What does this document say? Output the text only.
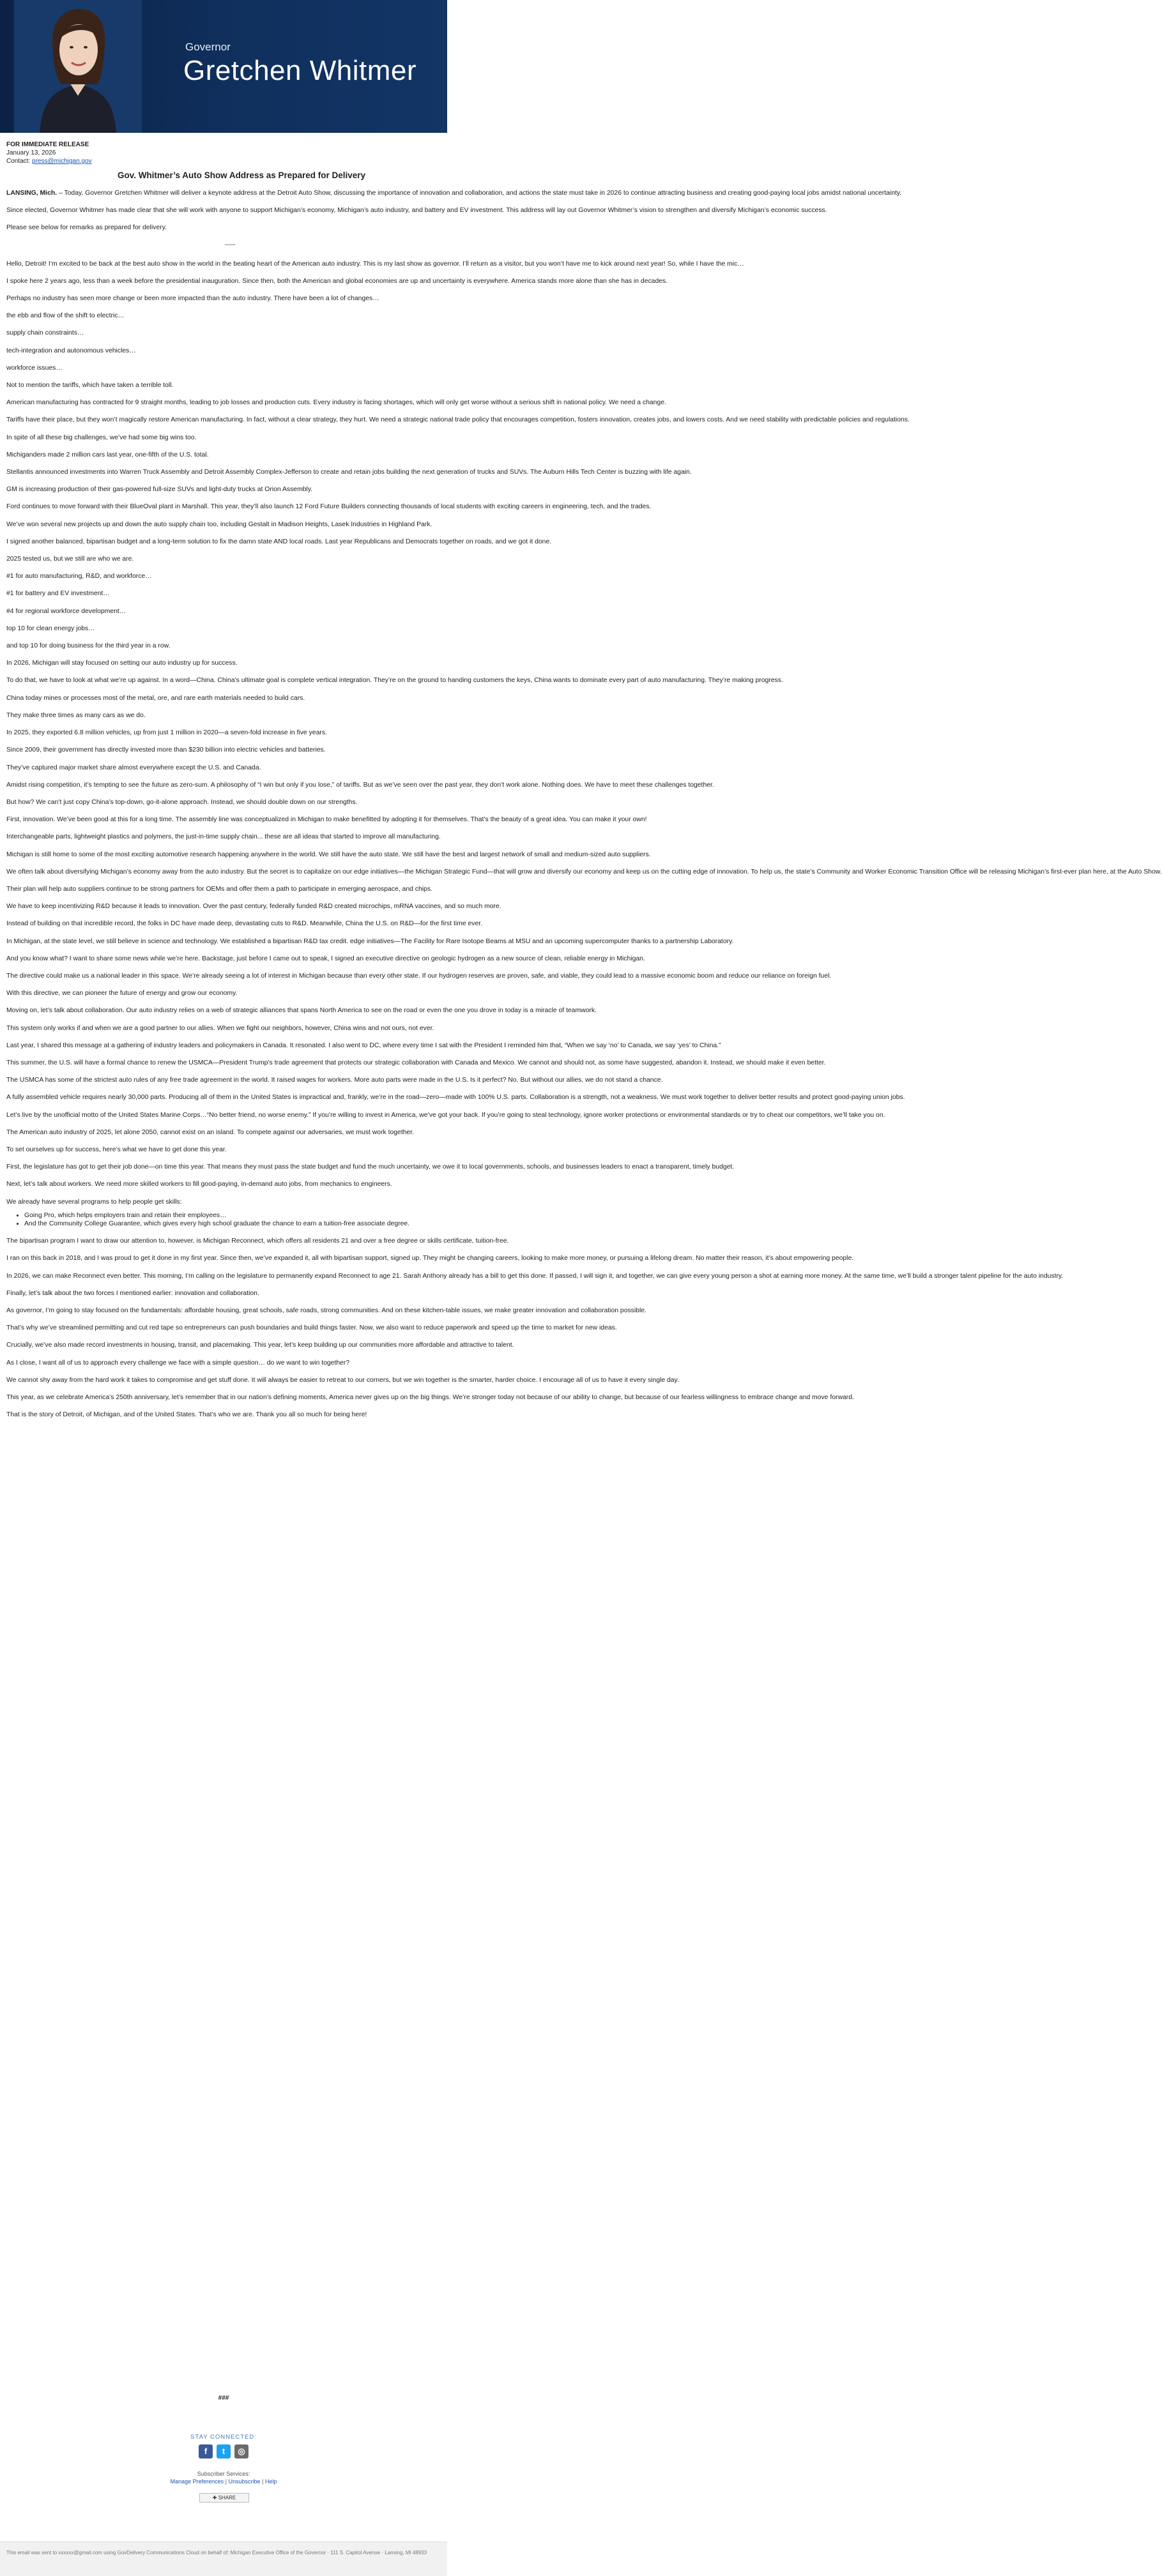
Governor
Gretchen Whitmer
FOR IMMEDIATE RELEASE
January 13, 2026
Contact: press@michigan.gov
Gov. Whitmer’s Auto Show Address as Prepared for Delivery

LANSING, Mich. – Today, Governor Gretchen Whitmer will deliver a keynote address at the Detroit Auto Show, discussing the importance of innovation and collaboration, and actions the state must take in 2026 to continue attracting business and creating good-paying local jobs amidst national uncertainty.

Since elected, Governor Whitmer has made clear that she will work with anyone to support Michigan’s economy, Michigan’s auto industry, and battery and EV investment. This address will lay out Governor Whitmer’s vision to strengthen and diversify Michigan’s economic success.

Please see below for remarks as prepared for delivery.

-----

Hello, Detroit! I’m excited to be back at the best auto show in the world in the beating heart of the American auto industry. This is my last show as governor. I’ll return as a visitor, but you won’t have me to kick around next year! So, while I have the mic…

I spoke here 2 years ago, less than a week before the presidential inauguration. Since then, both the American and global economies are up and uncertainty is everywhere. America stands more alone than she has in decades.

Perhaps no industry has seen more change or been more impacted than the auto industry. There have been a lot of changes…

the ebb and flow of the shift to electric…

supply chain constraints…

tech-integration and autonomous vehicles…

workforce issues…

Not to mention the tariffs, which have taken a terrible toll.

American manufacturing has contracted for 9 straight months, leading to job losses and production cuts. Every industry is facing shortages, which will only get worse without a serious shift in national policy. We need a change.

Tariffs have their place, but they won’t magically restore American manufacturing. In fact, without a clear strategy, they hurt. We need a strategic national trade policy that encourages competition, fosters innovation, creates jobs, and lowers costs. And we need stability with predictable policies and regulations.

In spite of all these big challenges, we’ve had some big wins too.

Michiganders made 2 million cars last year, one-fifth of the U.S. total.

Stellantis announced investments into Warren Truck Assembly and Detroit Assembly Complex-Jefferson to create and retain jobs building the next generation of trucks and SUVs. The Auburn Hills Tech Center is buzzing with life again.

GM is increasing production of their gas-powered full-size SUVs and light-duty trucks at Orion Assembly.

Ford continues to move forward with their BlueOval plant in Marshall. This year, they’ll also launch 12 Ford Future Builders connecting thousands of local students with exciting careers in engineering, tech, and the trades.

We’ve won several new projects up and down the auto supply chain too, including Gestalt in Madison Heights, Lasek Industries in Highland Park.

I signed another balanced, bipartisan budget and a long-term solution to fix the damn state AND local roads. Last year Republicans and Democrats together on roads, and we got it done.

2025 tested us, but we still are who we are.

#1 for auto manufacturing, R&D, and workforce…

#1 for battery and EV investment…

#4 for regional workforce development…

top 10 for clean energy jobs…

and top 10 for doing business for the third year in a row.

In 2026, Michigan will stay focused on setting our auto industry up for success.

To do that, we have to look at what we’re up against. In a word—China. China’s ultimate goal is complete vertical integration. They’re on the ground to handing customers the keys, China wants to dominate every part of auto manufacturing. They’re making progress.

China today mines or processes most of the metal, ore, and rare earth materials needed to build cars.

They make three times as many cars as we do.

In 2025, they exported 6.8 million vehicles, up from just 1 million in 2020—a seven-fold increase in five years.

Since 2009, their government has directly invested more than $230 billion into electric vehicles and batteries.

They’ve captured major market share almost everywhere except the U.S. and Canada.

Amidst rising competition, it’s tempting to see the future as zero-sum. A philosophy of “I win but only if you lose,” of tariffs. But as we’ve seen over the past year, they don’t work alone. Nothing does. We have to meet these challenges together.

But how? We can’t just copy China’s top-down, go-it-alone approach. Instead, we should double down on our strengths.

First, innovation. We’ve been good at this for a long time. The assembly line was conceptualized in Michigan to make benefitted by adopting it for themselves. That’s the beauty of a great idea. You can make it your own!

Interchangeable parts, lightweight plastics and polymers, the just-in-time supply chain... these are all ideas that started to improve all manufacturing.

Michigan is still home to some of the most exciting automotive research happening anywhere in the world. We still have the auto state. We still have the best and largest network of small and medium-sized auto suppliers.

We often talk about diversifying Michigan’s economy away from the auto industry. But the secret is to capitalize on our edge initiatives—the Michigan Strategic Fund—that will grow and diversify our economy and keep us on the cutting edge of innovation. To help us, the state’s Community and Worker Economic Transition Office will be releasing Michigan’s first-ever plan here, at the Auto Show.

Their plan will help auto suppliers continue to be strong partners for OEMs and offer them a path to participate in emerging aerospace, and chips.

We have to keep incentivizing R&D because it leads to innovation. Over the past century, federally funded R&D created microchips, mRNA vaccines, and so much more.

Instead of building on that incredible record, the folks in DC have made deep, devastating cuts to R&D. Meanwhile, China the U.S. on R&D—for the first time ever.

In Michigan, at the state level, we still believe in science and technology. We established a bipartisan R&D tax credit. edge initiatives—The Facility for Rare Isotope Beams at MSU and an upcoming supercomputer thanks to a partnership Laboratory.

And you know what? I want to share some news while we’re here. Backstage, just before I came out to speak, I signed an executive directive on geologic hydrogen as a new source of clean, reliable energy in Michigan.

The directive could make us a national leader in this space. We’re already seeing a lot of interest in Michigan because than every other state. If our hydrogen reserves are proven, safe, and viable, they could lead to a massive economic boom and reduce our reliance on foreign fuel.

With this directive, we can pioneer the future of energy and grow our economy.

Moving on, let’s talk about collaboration. Our auto industry relies on a web of strategic alliances that spans North America to see on the road or even the one you drove in today is a miracle of teamwork.

This system only works if and when we are a good partner to our allies. When we fight our neighbors, however, China wins and not ours, not ever.

Last year, I shared this message at a gathering of industry leaders and policymakers in Canada. It resonated. I also went to DC, where every time I sat with the President I reminded him that, “When we say ‘no’ to Canada, we say ‘yes’ to China.”

This summer, the U.S. will have a formal chance to renew the USMCA—President Trump’s trade agreement that protects our strategic collaboration with Canada and Mexico. We cannot and should not, as some have suggested, abandon it. Instead, we should make it even better.

The USMCA has some of the strictest auto rules of any free trade agreement in the world. It raised wages for workers. More auto parts were made in the U.S. Is it perfect? No. But without our allies, we do not stand a chance.

A fully assembled vehicle requires nearly 30,000 parts. Producing all of them in the United States is impractical and, frankly, we’re in the road—zero—made with 100% U.S. parts. Collaboration is a strength, not a weakness. We must work together to deliver better results and protect good-paying union jobs.

Let’s live by the unofficial motto of the United States Marine Corps…“No better friend, no worse enemy.” If you’re willing to invest in America, we’ve got your back. If you’re going to steal technology, ignore worker protections or environmental standards or try to cheat our competitors, we’ll take you on.

The American auto industry of 2025, let alone 2050, cannot exist on an island. To compete against our adversaries, we must work together.

To set ourselves up for success, here’s what we have to get done this year.

First, the legislature has got to get their job done—on time this year. That means they must pass the state budget and fund the much uncertainty, we owe it to local governments, schools, and businesses leaders to enact a transparent, timely budget.

Next, let’s talk about workers. We need more skilled workers to fill good-paying, in-demand auto jobs, from mechanics to engineers.

We already have several programs to help people get skills:

• Going Pro, which helps employers train and retain their employees…
• And the Community College Guarantee, which gives every high school graduate the chance to earn a tuition-free associate degree.

The bipartisan program I want to draw our attention to, however, is Michigan Reconnect, which offers all residents 21 and over a free degree or skills certificate, tuition-free.

I ran on this back in 2018, and I was proud to get it done in my first year. Since then, we’ve expanded it, all with bipartisan support, signed up. They might be changing careers, looking to make more money, or pursuing a lifelong dream. No matter their reason, it’s about empowering people.

In 2026, we can make Reconnect even better. This morning, I’m calling on the legislature to permanently expand Reconnect to age 21. Sarah Anthony already has a bill to get this done. If passed, I will sign it, and together, we can give every young person a shot at earning more money. At the same time, we’ll build a stronger talent pipeline for the auto industry.

Finally, let’s talk about the two forces I mentioned earlier: innovation and collaboration.

As governor, I’m going to stay focused on the fundamentals: affordable housing, great schools, safe roads, strong communities. And on these kitchen-table issues, we make greater innovation and collaboration possible.

That’s why we’ve streamlined permitting and cut red tape so entrepreneurs can push boundaries and build things faster. Now, we also want to reduce paperwork and speed up the time to market for new ideas.

Crucially, we’ve also made record investments in housing, transit, and placemaking. This year, let’s keep building up our communities more affordable and attractive to talent.

As I close, I want all of us to approach every challenge we face with a simple question… do we want to win together?

We cannot shy away from the hard work it takes to compromise and get stuff done. It will always be easier to retreat to our corners, but we win together is the smarter, harder choice. I encourage all of us to have it every single day.

This year, as we celebrate America’s 250th anniversary, let’s remember that in our nation’s defining moments, America never gives up on the big things. We’re stronger today not because of our ability to change, but because of our fearless willingness to embrace change and move forward.

That is the story of Detroit, of Michigan, and of the United States. That’s who we are. Thank you all so much for being here!

###
STAY CONNECTED:
f t ◎
Subscriber Services:
Manage Preferences | Unsubscribe | Help
✚ SHARE
This email was sent to xxxxxx@gmail.com using GovDelivery Communications Cloud on behalf of: Michigan Executive Office of the Governor · 111 S. Capitol Avenue · Lansing, MI 48933
